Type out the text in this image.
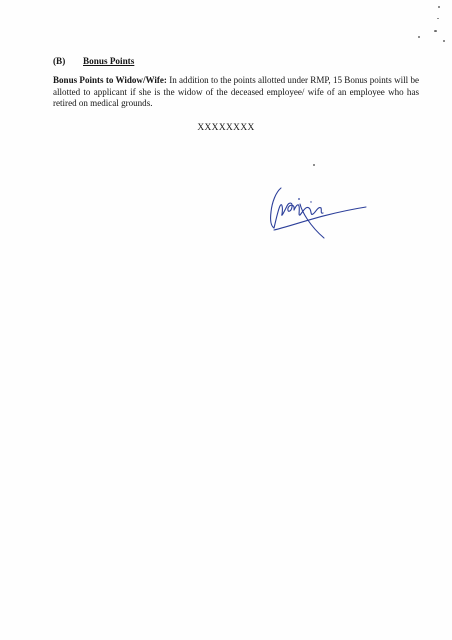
(B) Bonus Points

Bonus Points to Widow/Wife: In addition to the points allotted under RMP, 15 Bonus points will be allotted to applicant if she is the widow of the deceased employee/ wife of an employee who has retired on medical grounds.

XXXXXXXX
